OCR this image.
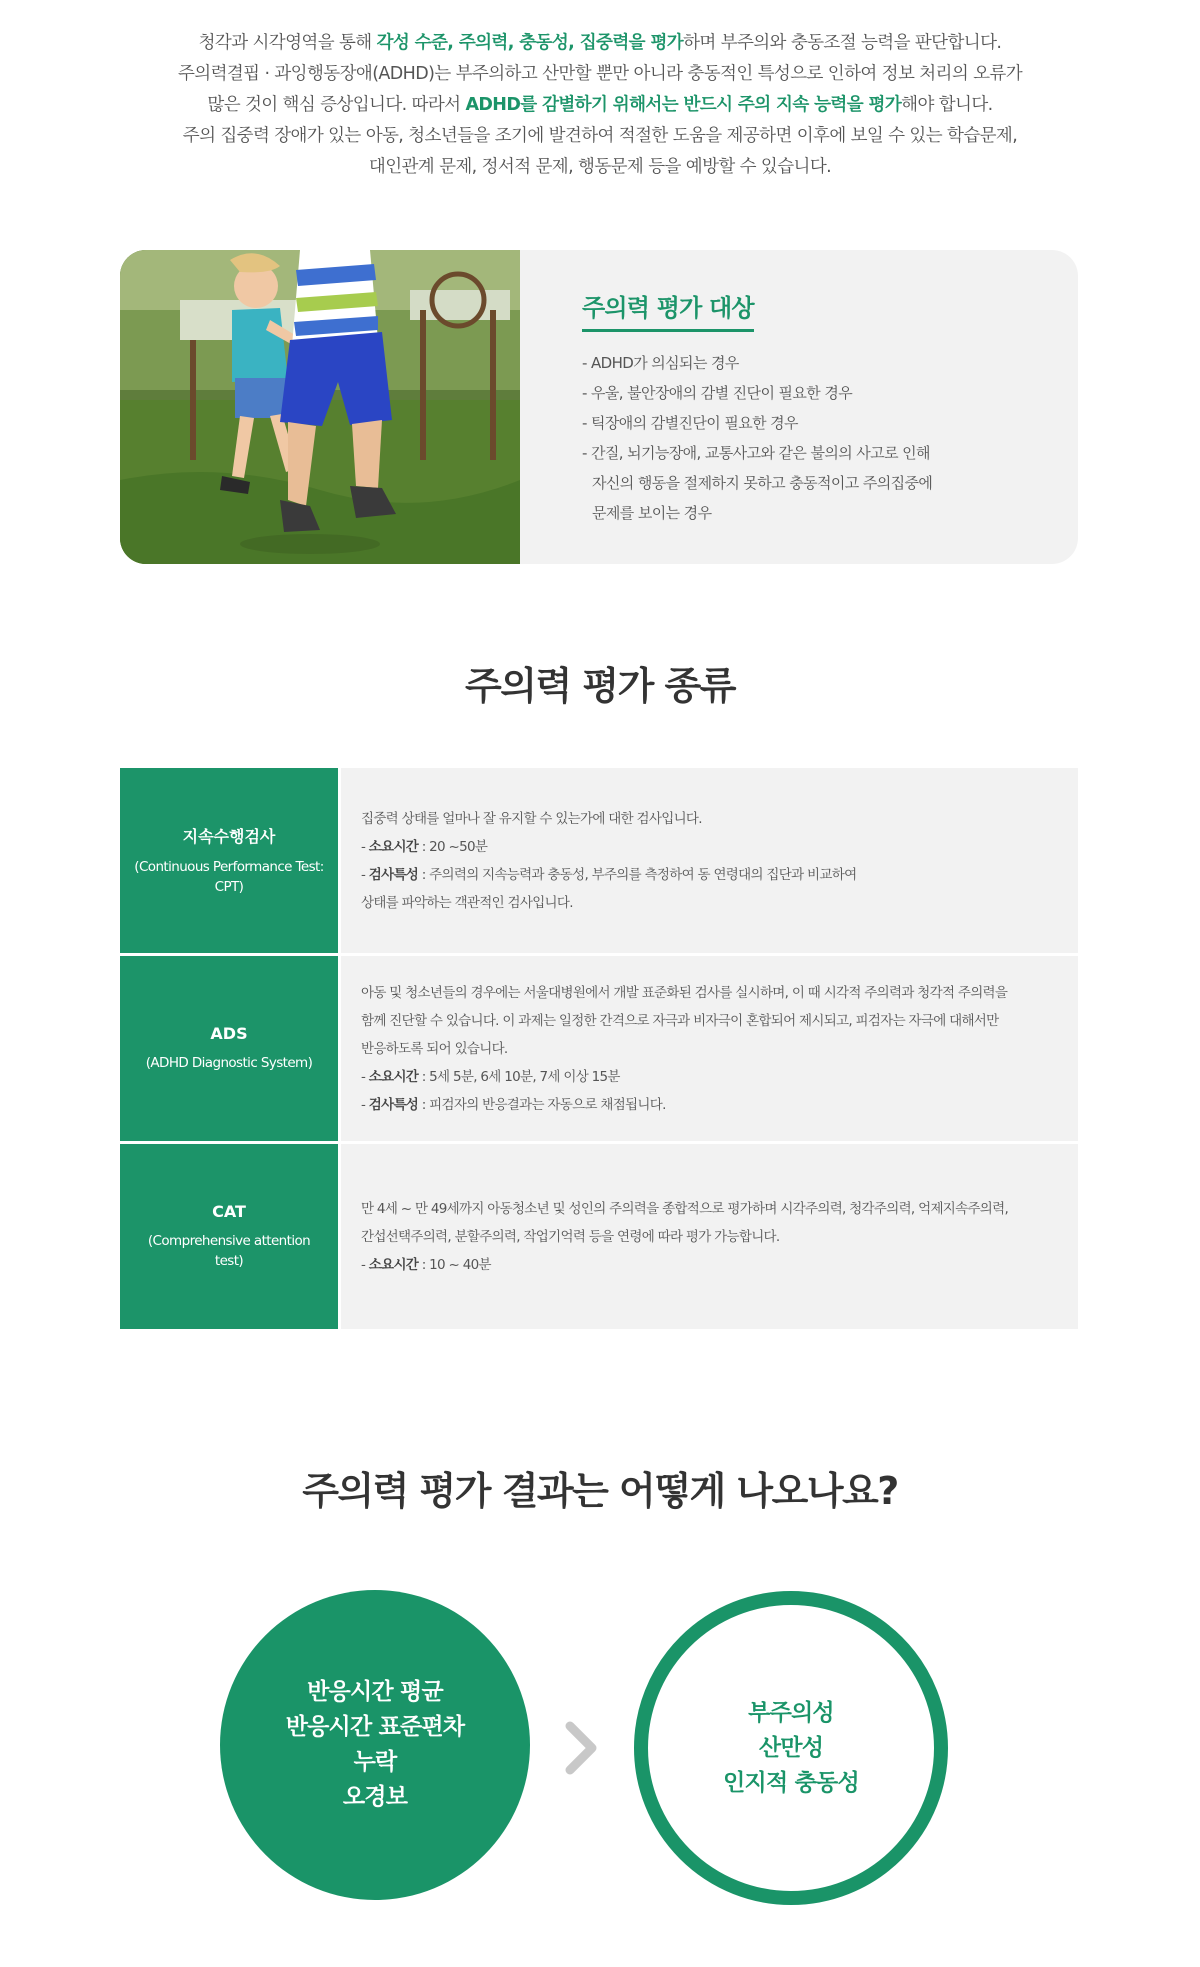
청각과 시각영역을 통해 각성 수준, 주의력, 충동성, 집중력을 평가하며 부주의와 충동조절 능력을 판단합니다.

주의력결핍 · 과잉행동장애(ADHD)는 부주의하고 산만할 뿐만 아니라 충동적인 특성으로 인하여 정보 처리의 오류가

많은 것이 핵심 증상입니다. 따라서 ADHD를 감별하기 위해서는 반드시 주의 지속 능력을 평가해야 합니다.

주의 집중력 장애가 있는 아동, 청소년들을 조기에 발견하여 적절한 도움을 제공하면 이후에 보일 수 있는 학습문제,

대인관계 문제, 정서적 문제, 행동문제 등을 예방할 수 있습니다.

주의력 평가 대상
- ADHD가 의심되는 경우
- 우울, 불안장애의 감별 진단이 필요한 경우
- 틱장애의 감별진단이 필요한 경우
- 간질, 뇌기능장애, 교통사고와 같은 불의의 사고로 인해
자신의 행동을 절제하지 못하고 충동적이고 주의집중에
문제를 보이는 경우
주의력 평가 종류
지속수행검사
(Continuous Performance Test: CPT)

집중력 상태를 얼마나 잘 유지할 수 있는가에 대한 검사입니다.

- 소요시간 : 20 ~50분

- 검사특성 : 주의력의 지속능력과 충동성, 부주의를 측정하여 동 연령대의 집단과 비교하여

상태를 파악하는 객관적인 검사입니다.

ADS
(ADHD Diagnostic System)

아동 및 청소년들의 경우에는 서울대병원에서 개발 표준화된 검사를 실시하며, 이 때 시각적 주의력과 청각적 주의력을

함께 진단할 수 있습니다. 이 과제는 일정한 간격으로 자극과 비자극이 혼합되어 제시되고, 피검자는 자극에 대해서만

반응하도록 되어 있습니다.

- 소요시간 : 5세 5분, 6세 10분, 7세 이상 15분

- 검사특성 : 피검자의 반응결과는 자동으로 채점됩니다.

CAT
(Comprehensive attention test)

만 4세 ~ 만 49세까지 아동청소년 및 성인의 주의력을 종합적으로 평가하며 시각주의력, 청각주의력, 억제지속주의력,

간섭선택주의력, 분할주의력, 작업기억력 등을 연령에 따라 평가 가능합니다.

- 소요시간 : 10 ~ 40분

주의력 평가 결과는 어떻게 나오나요?
반응시간 평균
반응시간 표준편차
누락
오경보
부주의성
산만성
인지적 충동성
